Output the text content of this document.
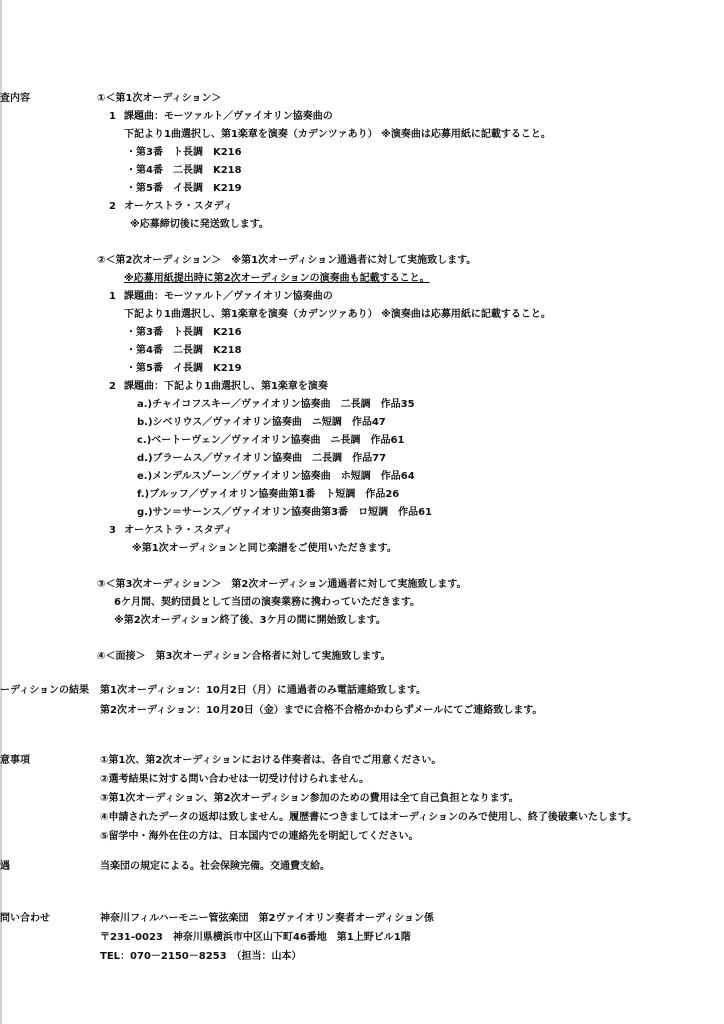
査内容
ーディションの結果
意事項
遇
問い合わせ
①＜第1次オーディション＞
1 課題曲：モーツァルト／ヴァイオリン協奏曲の
下記より1曲選択し、第1楽章を演奏（カデンツァあり） ※演奏曲は応募用紙に記載すること。
・第3番　ト長調　K216
・第4番　二長調　K218
・第5番　イ長調　K219
2 オーケストラ・スタディ
※応募締切後に発送致します。
②＜第2次オーディション＞　※第1次オーディション通過者に対して実施致します。
※応募用紙提出時に第2次オーディションの演奏曲も記載すること。
1 課題曲：モーツァルト／ヴァイオリン協奏曲の
下記より1曲選択し、第1楽章を演奏（カデンツァあり） ※演奏曲は応募用紙に記載すること。
・第3番　ト長調　K216
・第4番　二長調　K218
・第5番　イ長調　K219
2 課題曲：下記より1曲選択し、第1楽章を演奏
a.)チャイコフスキー／ヴァイオリン協奏曲　二長調　作品35
b.)シベリウス／ヴァイオリン協奏曲　ニ短調　作品47
c.)ベートーヴェン／ヴァイオリン協奏曲　ニ長調　作品61
d.)ブラームス／ヴァイオリン協奏曲　二長調　作品77
e.)メンデルスゾーン／ヴァイオリン協奏曲　ホ短調　作品64
f.)ブルッフ／ヴァイオリン協奏曲第1番　ト短調　作品26
g.)サン＝サーンス／ヴァイオリン協奏曲第3番　ロ短調　作品61
3 オーケストラ・スタディ
※第1次オーディションと同じ楽譜をご使用いただきます。
③＜第3次オーディション＞　第2次オーディション通過者に対して実施致します。
6ケ月間、契約団員として当団の演奏業務に携わっていただきます。
※第2次オーディション終了後、3ケ月の間に開始致します。
④＜面接＞　第3次オーディション合格者に対して実施致します。
第1次オーディション：10月2日（月）に通過者のみ電話連絡致します。
第2次オーディション：10月20日（金）までに合格不合格かかわらずメールにてご連絡致します。
①第1次、第2次オーディションにおける伴奏者は、各自でご用意ください。
②選考結果に対する問い合わせは一切受け付けられません。
③第1次オーディション、第2次オーディション参加のための費用は全て自己負担となります。
④申請されたデータの返却は致しません。履歴書につきましてはオーディションのみで使用し、終了後破棄いたします。
⑤留学中・海外在住の方は、日本国内での連絡先を明記してください。
当楽団の規定による。社会保険完備。交通費支給。
神奈川フィルハーモニー管弦楽団　第2ヴァイオリン奏者オーディション係
〒231-0023　神奈川県横浜市中区山下町46番地　第1上野ビル1階
TEL：070－2150－8253　（担当：山本）
